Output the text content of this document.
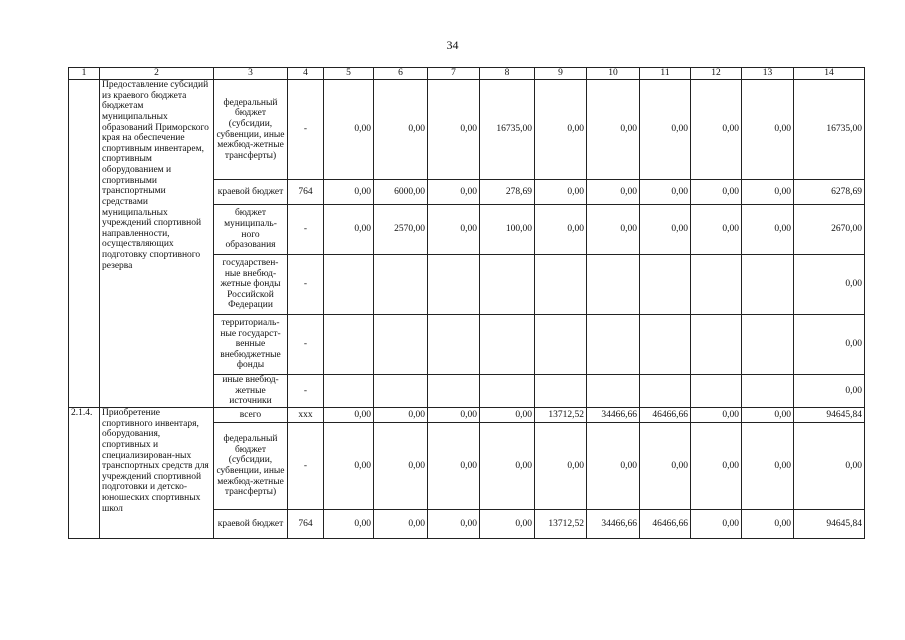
34
1	2	3	4	5	6	7	8	9	10	11	12	13	14
	Предоставление субсидий из краевого бюджета бюджетам муниципальных образований Приморского края на обеспечение спортивным инвентарем, спортивным оборудованием и спортивными транспортными средствами муниципальных учреждений спортивной направленности, осуществляющих подготовку спортивного резерва	федеральный бюджет (субсидии, субвенции, иные межбюд-жетные трансферты)	-	0,00	0,00	0,00	16735,00	0,00	0,00	0,00	0,00	0,00	16735,00
		краевой бюджет	764	0,00	6000,00	0,00	278,69	0,00	0,00	0,00	0,00	0,00	6278,69
		бюджет муниципаль-ного образования	-	0,00	2570,00	0,00	100,00	0,00	0,00	0,00	0,00	0,00	2670,00
		государствен-ные внебюд-жетные фонды Российской Федерации	-										0,00
		территориаль-ные государст-венные внебюджетные фонды	-										0,00
		иные внебюд-жетные источники	-										0,00
2.1.4.	Приобретение спортивного инвентаря, оборудования, спортивных и специализирован-ных транспортных средств для учреждений спортивной подготовки и детско- юношеских спортивных школ	всего	ххх	0,00	0,00	0,00	0,00	13712,52	34466,66	46466,66	0,00	0,00	94645,84
		федеральный бюджет (субсидии, субвенции, иные межбюд-жетные трансферты)	-	0,00	0,00	0,00	0,00	0,00	0,00	0,00	0,00	0,00	0,00
		краевой бюджет	764	0,00	0,00	0,00	0,00	13712,52	34466,66	46466,66	0,00	0,00	94645,84
